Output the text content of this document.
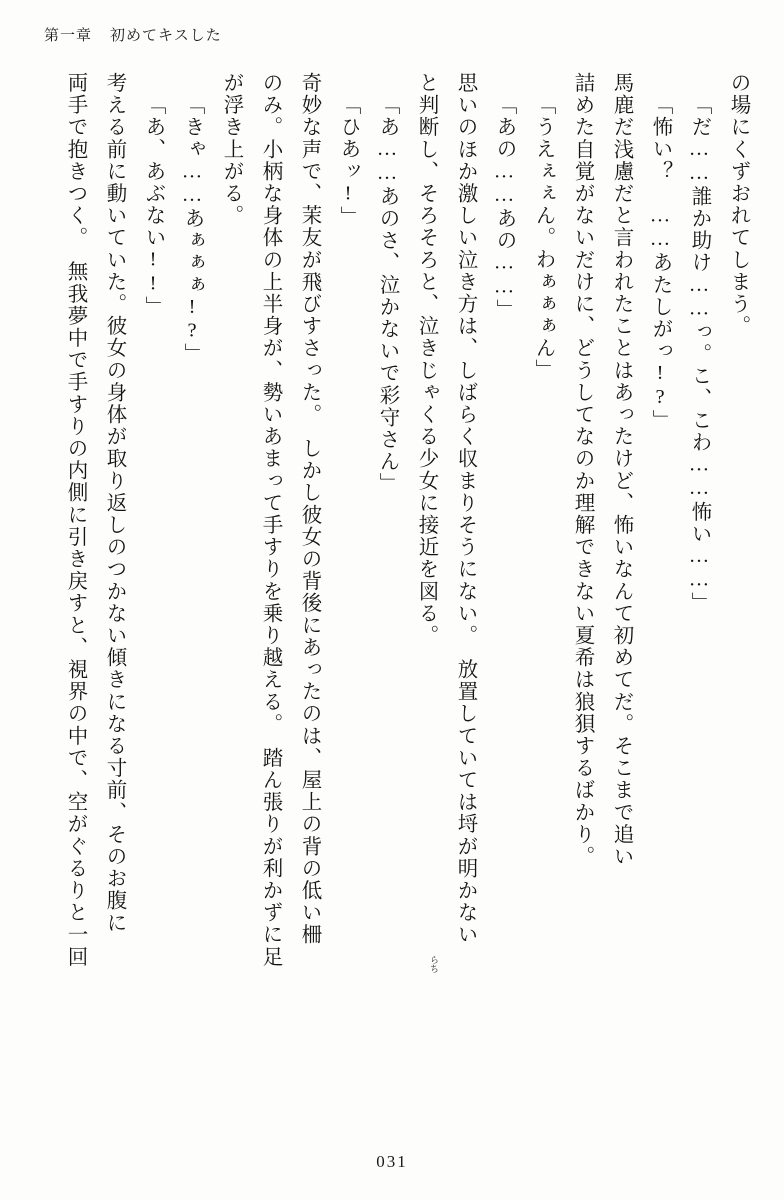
第一章 初めてキスした
の場にくずおれてしまう。
「だ……誰か助け……っ。こ、こわ……怖い……」
「怖い？　……あたしがっ!?」
馬鹿だ浅慮だと言われたことはあったけど、怖いなんて初めてだ。そこまで追い
詰めた自覚がないだけに、どうしてなのか理解できない夏希は狼狽するばかり。
「うえぇぇん。わぁぁぁん」
「あの……あの……」
思いのほか激しい泣き方は、しばらく収まりそうにない。　放置していては埒が明かない
と判断し、そろそろと、泣きじゃくる少女に接近を図る。
「あ……あのさ、泣かないで彩守さん」
「ひあッ!」
奇妙な声で、茉友が飛びすさった。　しかし彼女の背後にあったのは、屋上の背の低い柵
のみ。小柄な身体の上半身が、勢いあまって手すりを乗り越える。　踏ん張りが利かずに足
が浮き上がる。
「きゃ……あぁぁぁ!?」
「あ、あぶない!!」
考える前に動いていた。彼女の身体が取り返しのつかない傾きになる寸前、そのお腹に
両手で抱きつく。　無我夢中で手すりの内側に引き戻すと、視界の中で、空がぐるりと一回	らち
031
